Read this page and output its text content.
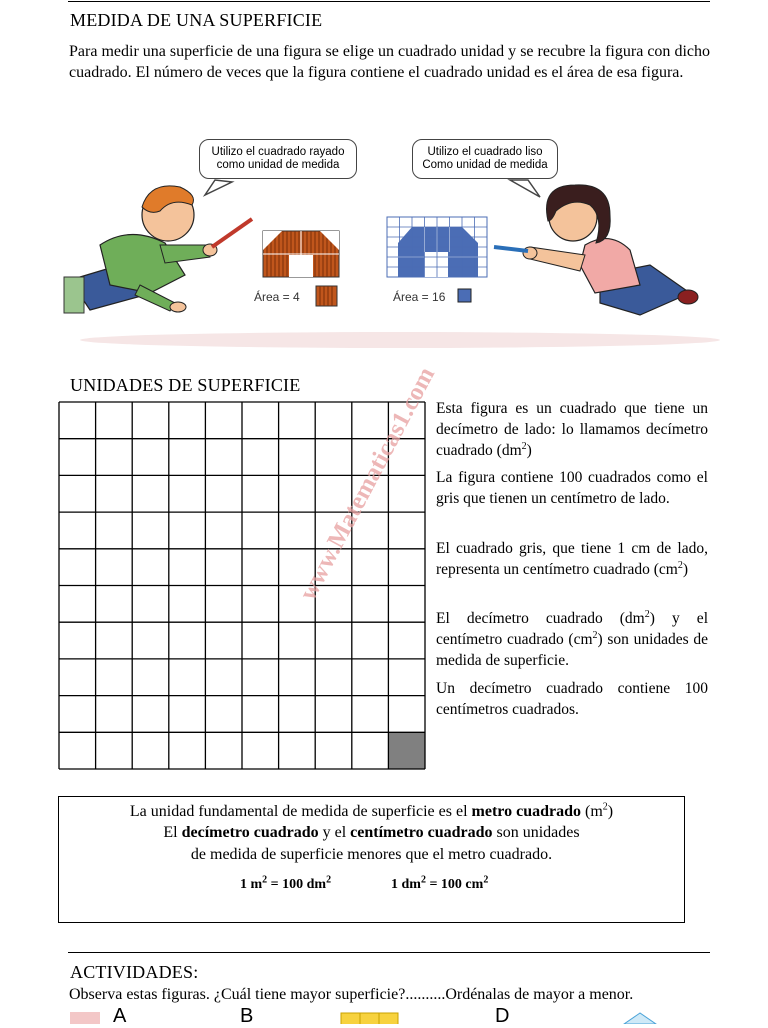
MEDIDA DE UNA SUPERFICIE
Para medir una superficie de una figura se elige un cuadrado unidad y se recubre la figura con dicho cuadrado. El número de veces que la figura contiene el cuadrado unidad es el área de esa figura.
Utilizo el cuadrado rayado
como unidad de medida
Utilizo el cuadrado liso
Como unidad de medida
Área = 4	Área = 16
UNIDADES DE SUPERFICIE
www.Matematicas1.com

Esta figura es un cuadrado que tiene un decímetro de lado: lo llamamos decímetro cuadrado $(dm^2)$

La figura contiene 100 cuadrados como el gris que tienen un centímetro de lado.

El cuadrado gris, que tiene 1 cm de lado, representa un centímetro cuadrado $(cm^2)$

El decímetro cuadrado $(dm^2)$ y el centímetro cuadrado $(cm^2)$ son unidades de medida de superficie.

Un decímetro cuadrado contiene 100 centímetros cuadrados.

La unidad fundamental de medida de superficie es el metro cuadrado $(m^2)$
El decímetro cuadrado y el centímetro cuadrado son unidades
de medida de superficie menores que el metro cuadrado.
1 $m^2 = 100$ $dm^2$	1 $dm^2 = 100$ $cm^2$
ACTIVIDADES:
Observa estas figuras. ¿Cuál tiene mayor superficie?..........Ordénalas de mayor a menor.
A	B	D
